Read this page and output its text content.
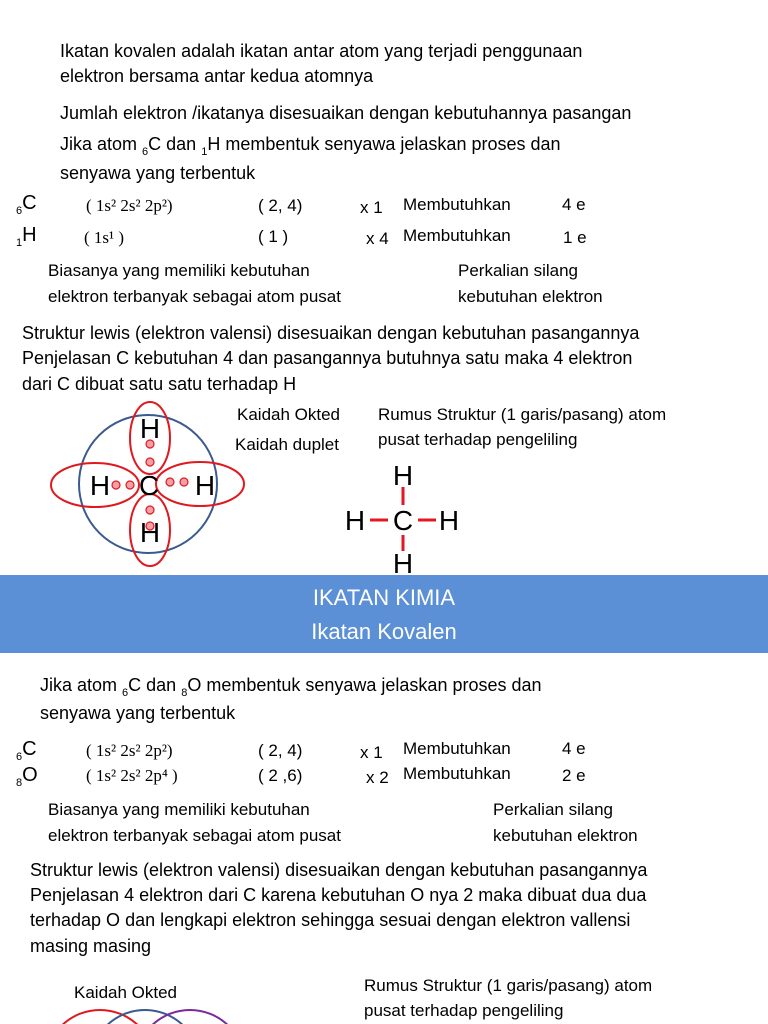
Ikatan kovalen adalah ikatan antar atom yang terjadi penggunaan
elektron bersama antar kedua atomnya
Jumlah elektron /ikatanya disesuaikan dengan kebutuhannya pasangan
Jika atom $_6$C dan $_1$H membentuk senyawa jelaskan proses dan
senyawa yang terbentuk
$_6$C	( 1s² 2s² 2p²)	( 2, 4)	x 1 Membutuhkan	4 e
$_1$H	( 1s¹ )	( 1 )	x 4 Membutuhkan	1 e
Biasanya yang memiliki kebutuhan
elektron terbanyak sebagai atom pusat
Perkalian silang
kebutuhan elektron
Struktur lewis (elektron valensi) disesuaikan dengan kebutuhan pasangannya
Penjelasan C kebutuhan 4 dan pasangannya butuhnya satu maka 4 elektron
dari C dibuat satu satu terhadap H
Kaidah Okted
Kaidah duplet
Rumus Struktur (1 garis/pasang) atom
pusat terhadap pengeliling
H
H
H	H
C	H
H
H	H
C
IKATAN KIMIA
Ikatan Kovalen
Jika atom $_6$C dan $_8$O membentuk senyawa jelaskan proses dan
senyawa yang terbentuk
$_6$C	( 1s² 2s² 2p²)	( 2, 4)	x 1 Membutuhkan	4 e
$_8$O	( 1s² 2s² 2p⁴ )	( 2 ,6)	x 2 Membutuhkan	2 e
Biasanya yang memiliki kebutuhan
elektron terbanyak sebagai atom pusat
Perkalian silang
kebutuhan elektron
Struktur lewis (elektron valensi) disesuaikan dengan kebutuhan pasangannya
Penjelasan 4 elektron dari C karena kebutuhan O nya 2 maka dibuat dua dua
terhadap O dan lengkapi elektron sehingga sesuai dengan elektron vallensi
masing masing
Kaidah Okted	Rumus Struktur (1 garis/pasang) atom
pusat terhadap pengeliling
